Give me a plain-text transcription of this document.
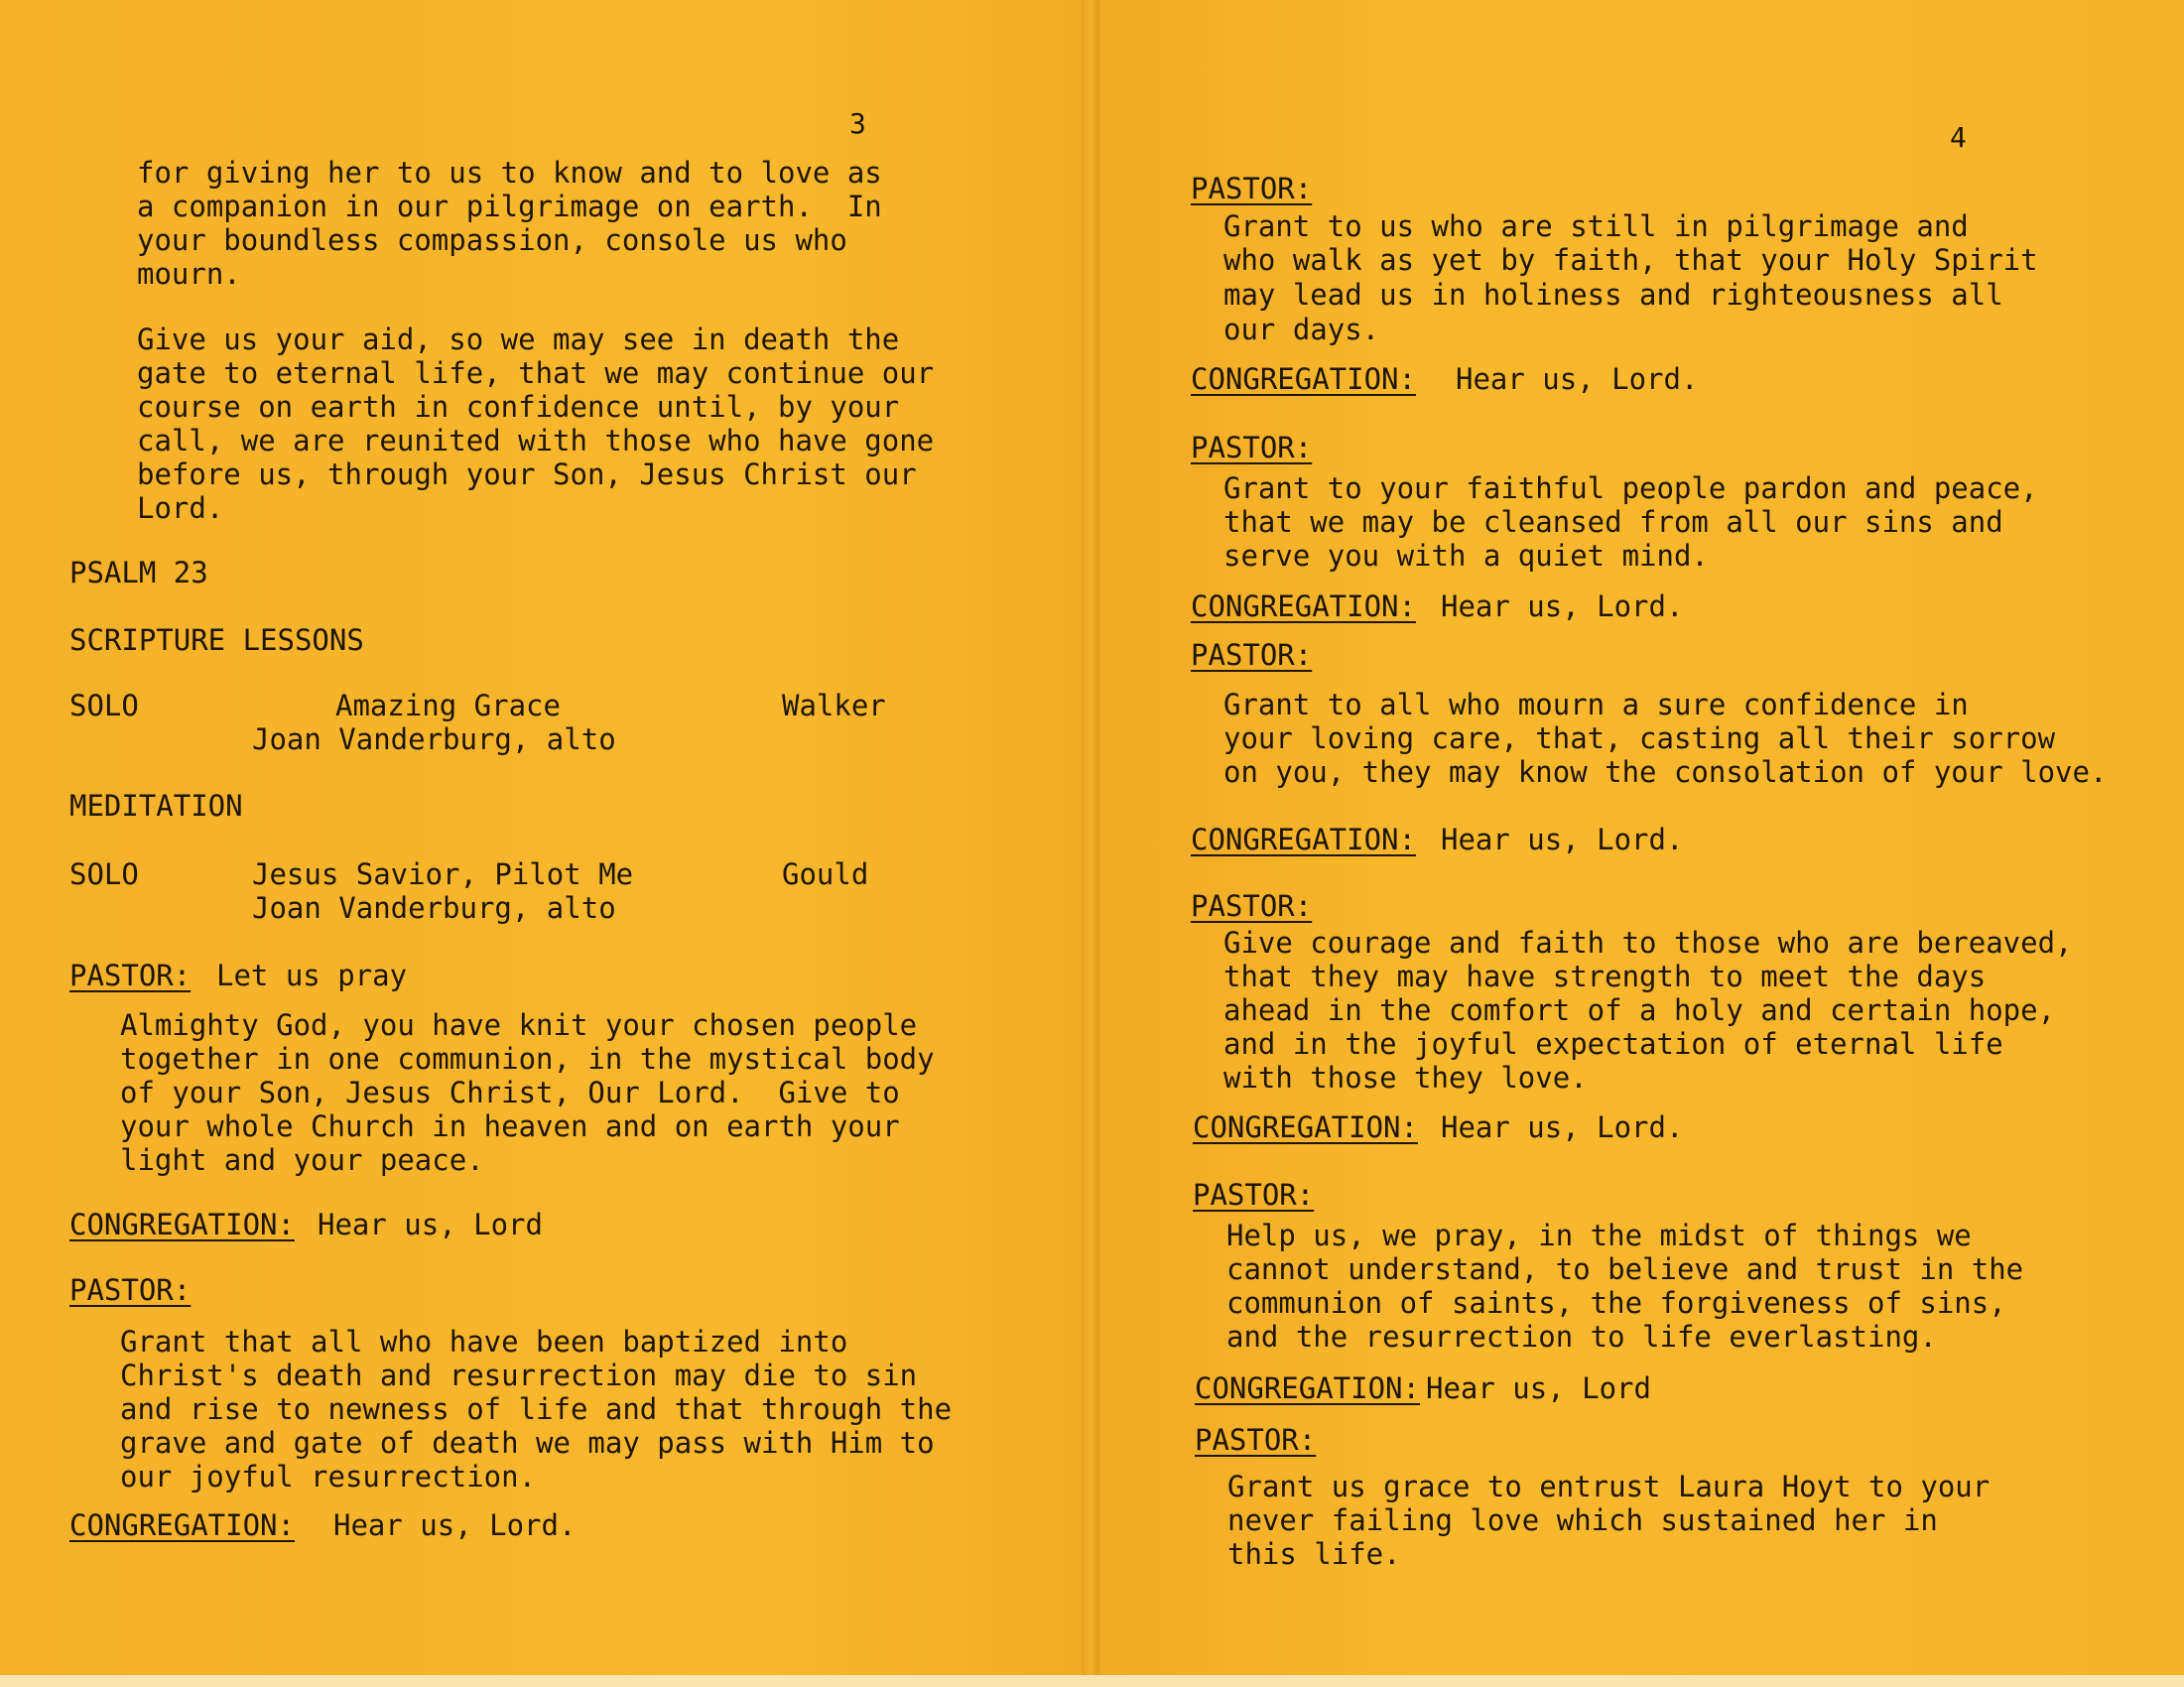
3
for giving her to us to know and to love as
a companion in our pilgrimage on earth.  In
your boundless compassion, console us who
mourn.
Give us your aid, so we may see in death the
gate to eternal life, that we may continue our
course on earth in confidence until, by your
call, we are reunited with those who have gone
before us, through your Son, Jesus Christ our
Lord.
PSALM 23
SCRIPTURE LESSONS
SOLO	Amazing Grace	Walker
Joan Vanderburg, alto
MEDITATION
SOLO	Jesus Savior, Pilot Me	Gould
Joan Vanderburg, alto
PASTOR: Let us pray
Almighty God, you have knit your chosen people
together in one communion, in the mystical body
of your Son, Jesus Christ, Our Lord.  Give to
your whole Church in heaven and on earth your
light and your peace.
CONGREGATION: Hear us, Lord
PASTOR:
Grant that all who have been baptized into
Christ's death and resurrection may die to sin
and rise to newness of life and that through the
grave and gate of death we may pass with Him to
our joyful resurrection.
CONGREGATION: Hear us, Lord.
4
PASTOR:
Grant to us who are still in pilgrimage and
who walk as yet by faith, that your Holy Spirit
may lead us in holiness and righteousness all
our days.
CONGREGATION: Hear us, Lord.
PASTOR:
Grant to your faithful people pardon and peace,
that we may be cleansed from all our sins and
serve you with a quiet mind.
CONGREGATION: Hear us, Lord.
PASTOR:
Grant to all who mourn a sure confidence in
your loving care, that, casting all their sorrow
on you, they may know the consolation of your love.
CONGREGATION: Hear us, Lord.
PASTOR:
Give courage and faith to those who are bereaved,
that they may have strength to meet the days
ahead in the comfort of a holy and certain hope,
and in the joyful expectation of eternal life
with those they love.
CONGREGATION: Hear us, Lord.
PASTOR:
Help us, we pray, in the midst of things we
cannot understand, to believe and trust in the
communion of saints, the forgiveness of sins,
and the resurrection to life everlasting.
CONGREGATION: Hear us, Lord
PASTOR:
Grant us grace to entrust Laura Hoyt to your
never failing love which sustained her in
this life.
